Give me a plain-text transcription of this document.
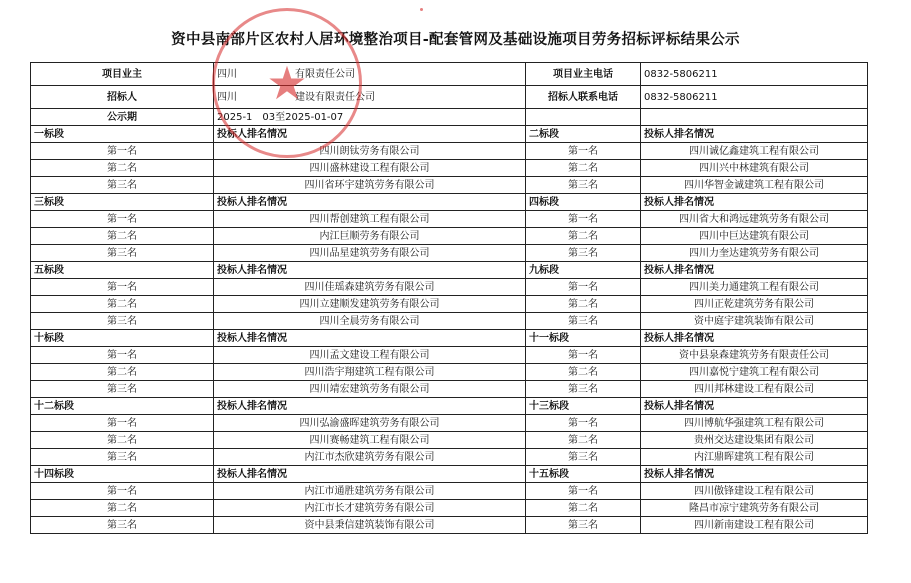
资中县南部片区农村人居环境整治项目-配套管网及基础设施项目劳务招标评标结果公示
项目业主	四川 有限责任公司	项目业主电话	0832-5806211
招标人	四川 建设有限责任公司	招标人联系电话	0832-5806211
公示期	2025-1 03至2025-01-07		
一标段	投标人排名情况	二标段	投标人排名情况
第一名	四川朗钛劳务有限公司	第一名	四川诚亿鑫建筑工程有限公司
第二名	四川盛林建设工程有限公司	第二名	四川兴中林建筑有限公司
第三名	四川省环宇建筑劳务有限公司	第三名	四川华智金诚建筑工程有限公司
三标段	投标人排名情况	四标段	投标人排名情况
第一名	四川帮创建筑工程有限公司	第一名	四川省大和鸿远建筑劳务有限公司
第二名	内江巨顺劳务有限公司	第二名	四川中巨达建筑有限公司
第三名	四川品星建筑劳务有限公司	第三名	四川力奎达建筑劳务有限公司
五标段	投标人排名情况	九标段	投标人排名情况
第一名	四川佳瑶森建筑劳务有限公司	第一名	四川美力通建筑工程有限公司
第二名	四川立建顺发建筑劳务有限公司	第二名	四川正乾建筑劳务有限公司
第三名	四川全晨劳务有限公司	第三名	资中庭宇建筑装饰有限公司
十标段	投标人排名情况	十一标段	投标人排名情况
第一名	四川孟文建设工程有限公司	第一名	资中县泉森建筑劳务有限责任公司
第二名	四川浩宇翔建筑工程有限公司	第二名	四川嘉悦宁建筑工程有限公司
第三名	四川靖宏建筑劳务有限公司	第三名	四川邦林建设工程有限公司
十二标段	投标人排名情况	十三标段	投标人排名情况
第一名	四川弘渝盛晖建筑劳务有限公司	第一名	四川博航华强建筑工程有限公司
第二名	四川赛畅建筑工程有限公司	第二名	贵州交达建设集团有限公司
第三名	内江市杰欣建筑劳务有限公司	第三名	内江鼎晖建筑工程有限公司
十四标段	投标人排名情况	十五标段	投标人排名情况
第一名	内江市通胜建筑劳务有限公司	第一名	四川傲锋建设工程有限公司
第二名	内江市长才建筑劳务有限公司	第二名	隆昌市凉宁建筑劳务有限公司
第三名	资中县秉信建筑装饰有限公司	第三名	四川新南建设工程有限公司
★
